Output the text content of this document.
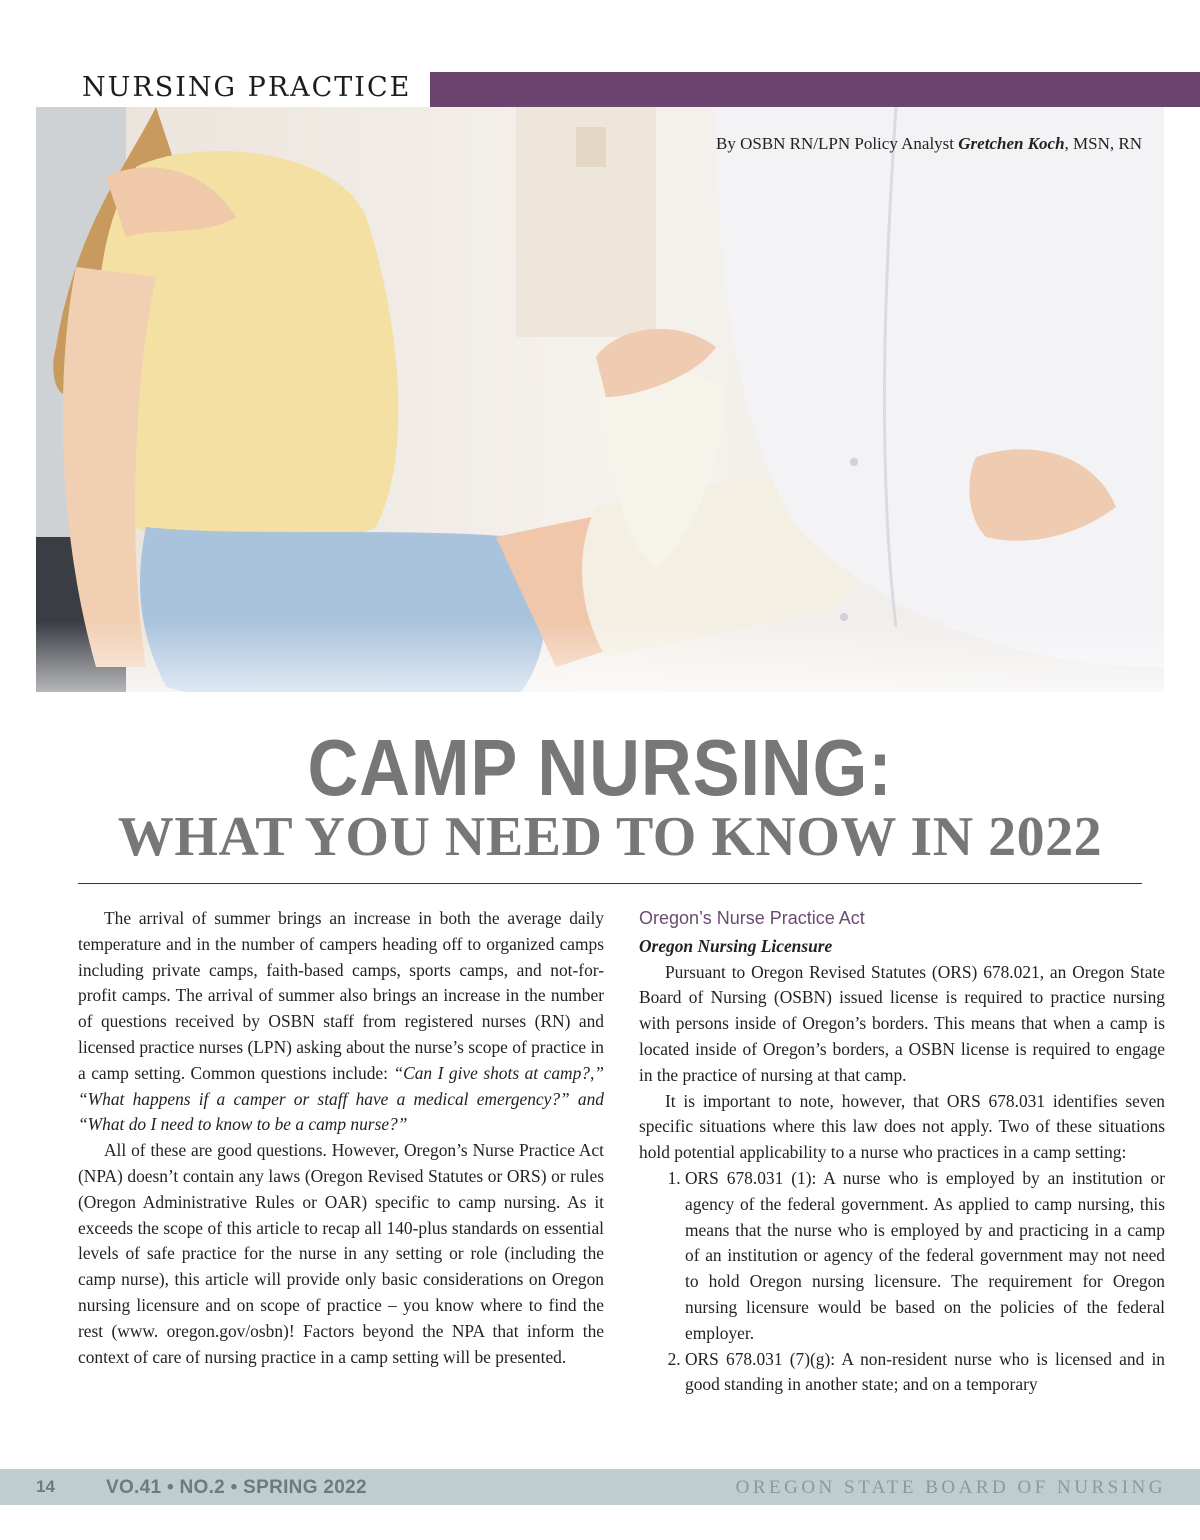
NURSING PRACTICE
By OSBN RN/LPN Policy Analyst Gretchen Koch, MSN, RN
CAMP NURSING:
WHAT YOU NEED TO KNOW IN 2022

The arrival of summer brings an increase in both the average daily temperature and in the number of campers heading off to organized camps including private camps, faith-based camps, sports camps, and not-for-profit camps. The arrival of summer also brings an increase in the number of questions received by OSBN staff from registered nurses (RN) and licensed practice nurses (LPN) asking about the nurse’s scope of practice in a camp setting. Common questions include: “Can I give shots at camp?,” “What happens if a camper or staff have a medical emergency?” and “What do I need to know to be a camp nurse?”

All of these are good questions. However, Oregon’s Nurse Practice Act (NPA) doesn’t contain any laws (Oregon Revised Statutes or ORS) or rules (Oregon Administrative Rules or OAR) specific to camp nursing. As it exceeds the scope of this article to recap all 140-plus standards on essential levels of safe practice for the nurse in any setting or role (including the camp nurse), this article will provide only basic considerations on Oregon nursing licensure and on scope of practice – you know where to find the rest (www. oregon.gov/osbn)! Factors beyond the NPA that inform the context of care of nursing practice in a camp setting will be presented.

Oregon’s Nurse Practice Act

Oregon Nursing Licensure

Pursuant to Oregon Revised Statutes (ORS) 678.021, an Oregon State Board of Nursing (OSBN) issued license is required to practice nursing with persons inside of Oregon’s borders. This means that when a camp is located inside of Oregon’s borders, a OSBN license is required to engage in the practice of nursing at that camp.

It is important to note, however, that ORS 678.031 identifies seven specific situations where this law does not apply. Two of these situations hold potential applicability to a nurse who practices in a camp setting:

1. ORS 678.031 (1): A nurse who is employed by an institution or agency of the federal government. As applied to camp nursing, this means that the nurse who is employed by and practicing in a camp of an institution or agency of the federal government may not need to hold Oregon nursing licensure. The requirement for Oregon nursing licensure would be based on the policies of the federal employer.
2. ORS 678.031 (7)(g): A non-resident nurse who is licensed and in good standing in another state; and on a temporary
14	VO.41 • NO.2 • SPRING 2022	OREGON STATE BOARD OF NURSING
